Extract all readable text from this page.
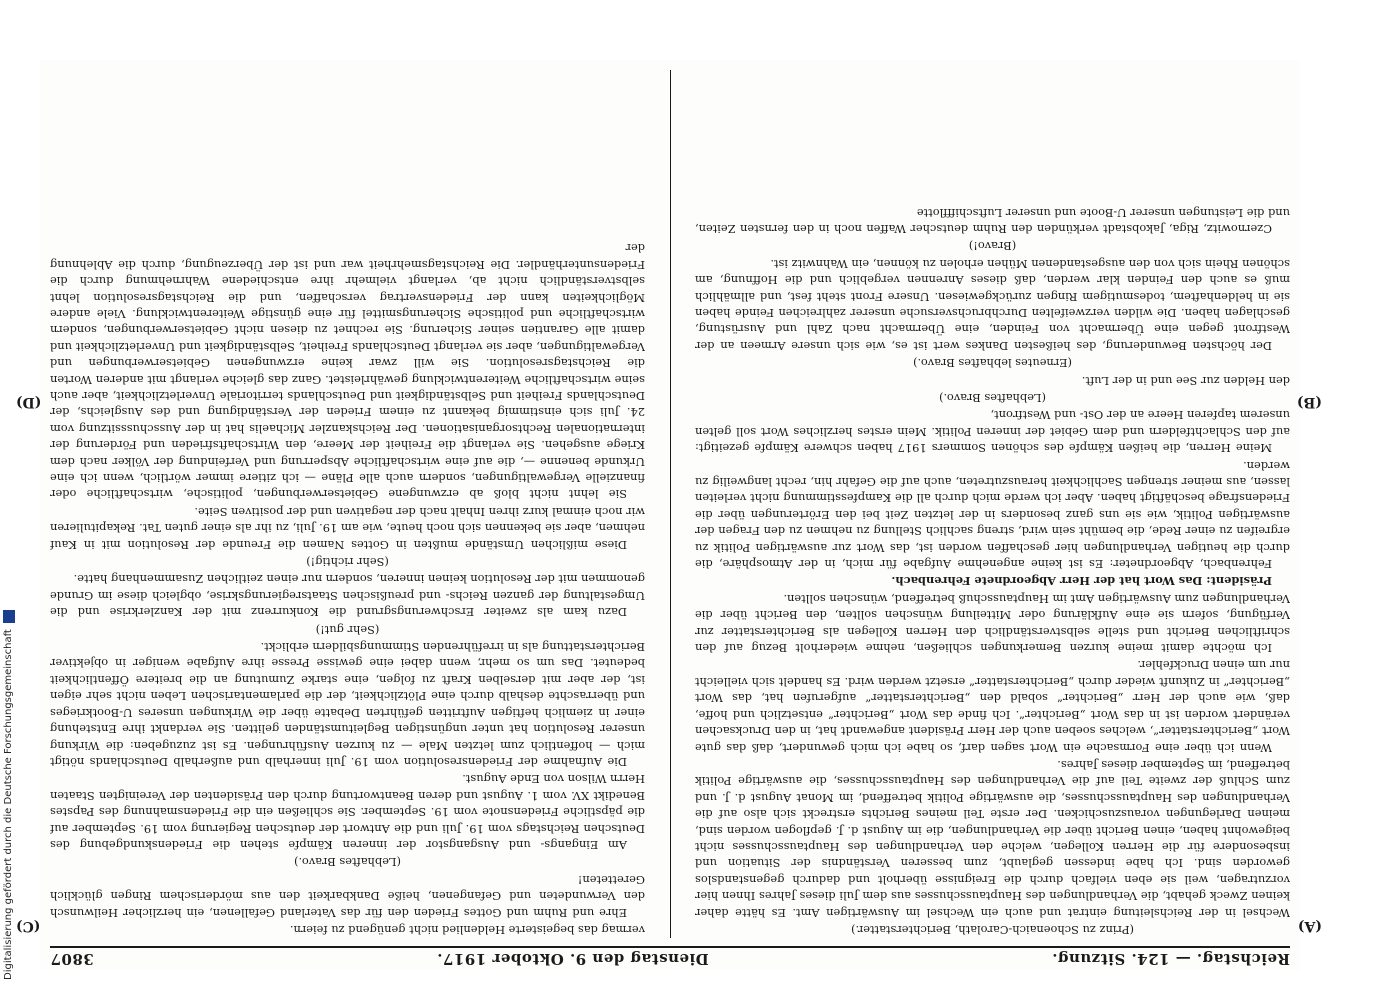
Reichstag. — 124. Sitzung.
Dienstag den 9. Oktober 1917.
3807

(Prinz zu Schoenaich-Carolath, Berichterstatter.)

Wechsel in der Reichsleitung eintrat und auch ein Wechsel im Auswärtigen Amt. Es hätte daher keinen Zweck gehabt, die Verhandlungen des Hauptausschusses aus dem Juli dieses Jahres Ihnen hier vorzutragen, weil sie eben vielfach durch die Ereignisse überholt und dadurch gegenstandslos geworden sind. Ich habe indessen geglaubt, zum besseren Verständnis der Situation und insbesondere für die Herren Kollegen, welche den Verhandlungen des Hauptausschusses nicht beigewohnt haben, einen Bericht über die Verhandlungen, die im August d. J. gepflogen worden sind, meinen Darlegungen vorauszuschicken. Der erste Teil meines Berichts erstreckt sich also auf die Verhandlungen des Hauptausschusses, die auswärtige Politik betreffend, im Monat August d. J. und zum Schluß der zweite Teil auf die Verhandlungen des Hauptausschusses, die auswärtige Politik betreffend, im September dieses Jahres.

Wenn ich über eine Formsache ein Wort sagen darf, so habe ich mich gewundert, daß das gute Wort „Berichterstatter“, welches soeben auch der Herr Präsident angewandt hat, in den Drucksachen verändert worden ist in das Wort „Berichter“. Ich finde das Wort „Berichter“ entsetzlich und hoffe, daß, wie auch der Herr „Berichter“ sobald den „Berichterstatter“ aufgerufen hat, das Wort „Berichter“ in Zukunft wieder durch „Berichterstatter“ ersetzt werden wird. Es handelt sich vielleicht nur um einen Druckfehler.

Ich möchte damit meine kurzen Bemerkungen schließen, nehme wiederholt Bezug auf den schriftlichen Bericht und stelle selbstverständlich den Herren Kollegen als Berichterstatter zur Verfügung, sofern sie eine Aufklärung oder Mitteilung wünschen sollten, den Bericht über die Verhandlungen zum Auswärtigen Amt im Hauptausschuß betreffend, wünschen sollten.

Präsident: Das Wort hat der Herr Abgeordnete Fehrenbach.

Fehrenbach, Abgeordneter: Es ist keine angenehme Aufgabe für mich, in der Atmosphäre, die durch die heutigen Verhandlungen hier geschaffen worden ist, das Wort zur auswärtigen Politik zu ergreifen zu einer Rede, die bemüht sein wird, streng sachlich Stellung zu nehmen zu den Fragen der auswärtigen Politik, wie sie uns ganz besonders in der letzten Zeit bei den Erörterungen über die Friedensfrage beschäftigt haben. Aber ich werde mich durch all die Kampfesstimmung nicht verleiten lassen, aus meiner strengen Sachlichkeit herauszutreten, auch auf die Gefahr hin, recht langweilig zu werden.

Meine Herren, die heißen Kämpfe des schönen Sommers 1917 haben schwere Kämpfe gezeitigt: auf den Schlachtfeldern und dem Gebiet der inneren Politik. Mein erstes herzliches Wort soll gelten unserem tapferen Heere an der Ost- und Westfront,

(Lebhaftes Bravo.)

den Helden zur See und in der Luft.

(Erneutes lebhaftes Bravo.)

Der höchsten Bewunderung, des heißesten Dankes wert ist es, wie sich unsere Armeen an der Westfront gegen eine Übermacht von Feinden, eine Übermacht nach Zahl und Ausrüstung, geschlagen haben. Die wilden verzweifelten Durchbruchsversuche unserer zahlreichen Feinde haben sie in heldenhaftem, todesmutigem Ringen zurückgewiesen. Unsere Front steht fest, und allmählich muß es auch den Feinden klar werden, daß dieses Anrennen vergeblich und die Hoffnung, am schönen Rhein sich von den ausgestandenen Mühen erholen zu können, ein Wahnwitz ist.

(Bravo!)

Czernowitz, Riga, Jakobstadt verkünden den Ruhm deutscher Waffen noch in den fernsten Zeiten, und die Leistungen unserer U-Boote und unserer Luftschiffflotte

vermag das begeisterte Heldenlied nicht genügend zu feiern.

Ehre und Ruhm und Gottes Frieden den für das Vaterland Gefallenen, ein herzlicher Heilwunsch den Verwundeten und Gefangenen, heiße Dankbarkeit den aus mörderischem Ringen glücklich Geretteten!

(Lebhaftes Bravo.)

Am Eingangs- und Ausgangstor der inneren Kämpfe stehen die Friedenskundgebung des Deutschen Reichstags vom 19. Juli und die Antwort der deutschen Regierung vom 19. September auf die päpstliche Friedensnote vom 19. September. Sie schließen ein die Friedensmahnung des Papstes Benedikt XV. vom 1. August und deren Beantwortung durch den Präsidenten der Vereinigten Staaten Herrn Wilson von Ende August.

Die Aufnahme der Friedensresolution vom 19. Juli innerhalb und außerhalb Deutschlands nötigt mich — hoffentlich zum letzten Male — zu kurzen Ausführungen. Es ist zuzugeben: die Wirkung unserer Resolution hat unter ungünstigen Begleitumständen gelitten. Sie verdankt ihre Entstehung einer in ziemlich heftigen Auftritten geführten Debatte über die Wirkungen unseres U-Bootkrieges und überraschte deshalb durch eine Plötzlichkeit, der die parlamentarischen Leben nicht sehr eigen ist, der aber mit derselben Kraft zu folgen, eine starke Zumutung an die breitere Öffentlichkeit bedeutet. Das um so mehr, wenn dabei eine gewisse Presse ihre Aufgabe weniger in objektiver Berichterstattung als in irreführenden Stimmungsbildern erblickt.

(Sehr gut!)

Dazu kam als zweiter Erschwerungsgrund die Konkurrenz mit der Kanzlerkrise und die Umgestaltung der ganzen Reichs- und preußischen Staatsregierungskrise, obgleich diese im Grunde genommen mit der Resolution keinen inneren, sondern nur einen zeitlichen Zusammenhang hatte.

(Sehr richtig!)

Diese mißlichen Umstände mußten in Gottes Namen die Freunde der Resolution mit in Kauf nehmen, aber sie bekennen sich noch heute, wie am 19. Juli, zu ihr als einer guten Tat. Rekapitulieren wir noch einmal kurz ihren Inhalt nach der negativen und der positiven Seite.

Sie lehnt nicht bloß ab erzwungene Gebietserwerbungen, politische, wirtschaftliche oder finanzielle Vergewaltigungen, sondern auch alle Pläne — ich zitiere immer wörtlich, wenn ich eine Urkunde benenne —, die auf eine wirtschaftliche Absperrung und Verfeindung der Völker nach dem Kriege ausgehen. Sie verlangt die Freiheit der Meere, den Wirtschaftsfrieden und Förderung der internationalen Rechtsorganisationen. Der Reichskanzler Michaelis hat in der Ausschusssitzung vom 24. Juli sich einstimmig bekannt zu einem Frieden der Verständigung und des Ausgleichs, der Deutschlands Freiheit und Selbständigkeit und Deutschlands territoriale Unverletzlichkeit, aber auch seine wirtschaftliche Weiterentwicklung gewährleistet. Ganz das gleiche verlangt mit anderen Worten die Reichstagsresolution. Sie will zwar keine erzwungenen Gebietserwerbungen und Vergewaltigungen, aber sie verlangt Deutschlands Freiheit, Selbständigkeit und Unverletzlichkeit und damit alle Garantien seiner Sicherung. Sie rechnet zu diesen nicht Gebietserwerbungen, sondern wirtschaftliche und politische Sicherungsmittel für eine günstige Weiterentwicklung. Viele andere Möglichkeiten kann der Friedensvertrag verschaffen, und die Reichstagsresolution lehnt selbstverständlich nicht ab, verlangt vielmehr ihre entschiedene Wahrnehmung durch die Friedensunterhändler. Die Reichstagsmehrheit war und ist der Überzeugung, durch die Ablehnung der

(A)
(B)
(C)
(D)
Digitalisierung gefördert durch die Deutsche Forschungsgemeinschaft
